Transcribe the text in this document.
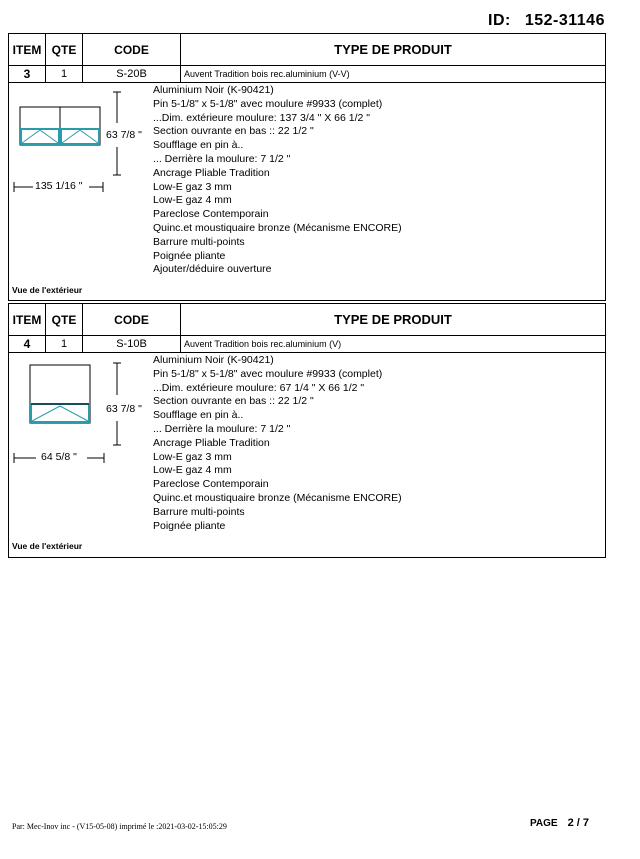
ID: 152-31146
ITEM QTE	CODE	TYPE DE PRODUIT
3	1	S-20B	Auvent Tradition bois rec.aluminium (V-V)
63 7/8 "
135 1/16 "
Aluminium Noir (K-90421)
Pin 5-1/8" x 5-1/8" avec moulure #9933 (complet)
...Dim. extérieure moulure: 137 3/4 " X 66 1/2 "
Section ouvrante en bas :: 22 1/2 "
Soufflage en pin à..
... Derrière la moulure: 7 1/2 "
Ancrage Pliable Tradition
Low-E gaz 3 mm
Low-E gaz 4 mm
Pareclose Contemporain
Quinc.et moustiquaire bronze (Mécanisme ENCORE)
Barrure multi-points
Poignée pliante
Ajouter/déduire ouverture
Vue de l'extérieur
ITEM QTE	CODE	TYPE DE PRODUIT
4	1	S-10B	Auvent Tradition bois rec.aluminium (V)
63 7/8 "
64 5/8 "
Aluminium Noir (K-90421)
Pin 5-1/8" x 5-1/8" avec moulure #9933 (complet)
...Dim. extérieure moulure: 67 1/4 " X 66 1/2 "
Section ouvrante en bas :: 22 1/2 "
Soufflage en pin à..
... Derrière la moulure: 7 1/2 "
Ancrage Pliable Tradition
Low-E gaz 3 mm
Low-E gaz 4 mm
Pareclose Contemporain
Quinc.et moustiquaire bronze (Mécanisme ENCORE)
Barrure multi-points
Poignée pliante
Vue de l'extérieur
Par: Mec-Inov inc - (V15-05-08) imprimé le :2021-03-02-15:05:29	PAGE 2 / 7
